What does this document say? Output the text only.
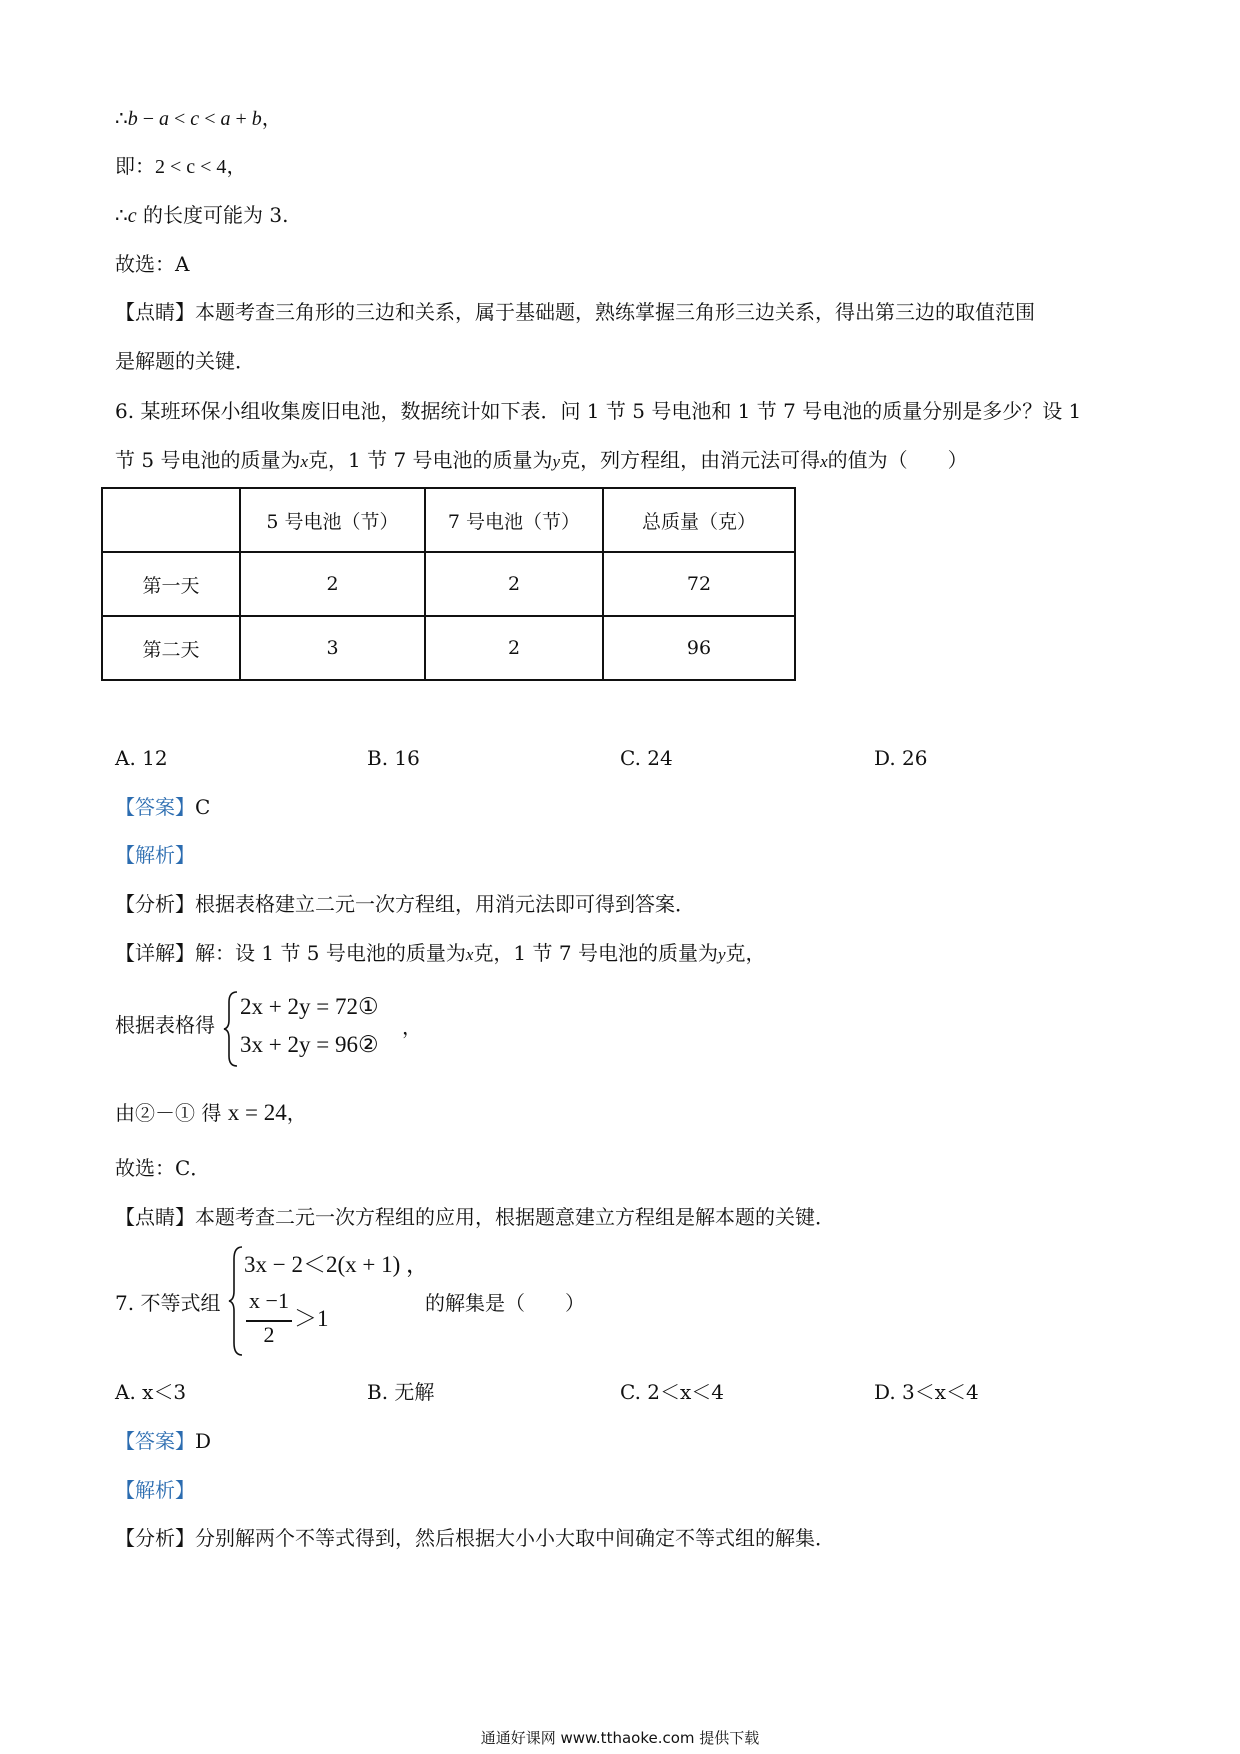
∴b − a < c < a + b，
即：2 < c < 4，
∴c 的长度可能为 3.
故选：A
【点睛】本题考查三角形的三边和关系，属于基础题，熟练掌握三角形三边关系，得出第三边的取值范围
是解题的关键．
6. 某班环保小组收集废旧电池，数据统计如下表．问 1 节 5 号电池和 1 节 7 号电池的质量分别是多少？设 1
节 5 号电池的质量为x克，1 节 7 号电池的质量为y克，列方程组，由消元法可得x的值为（　　）
	5 号电池（节）	7 号电池（节）	总质量（克）
第一天	2	2	72
第二天	3	2	96
A. 12	B. 16	C. 24	D. 26
【答案】C
【解析】
【分析】根据表格建立二元一次方程组，用消元法即可得到答案．
【详解】解：设 1 节 5 号电池的质量为x克，1 节 7 号电池的质量为y克，
根据表格得
2x + 2y = 72①
3x + 2y = 96②
，
由②－① 得 x = 24，
故选：C．
【点睛】本题考查二元一次方程组的应用，根据题意建立方程组是解本题的关键．
7. 不等式组
3x − 2＜2(x + 1) ，
x −1
2
＞1
的解集是（　　）
A. x＜3	B. 无解	C. 2＜x＜4	D. 3＜x＜4
【答案】D
【解析】
【分析】分别解两个不等式得到，然后根据大小小大取中间确定不等式组的解集．
通通好课网 www.tthaoke.com 提供下载
